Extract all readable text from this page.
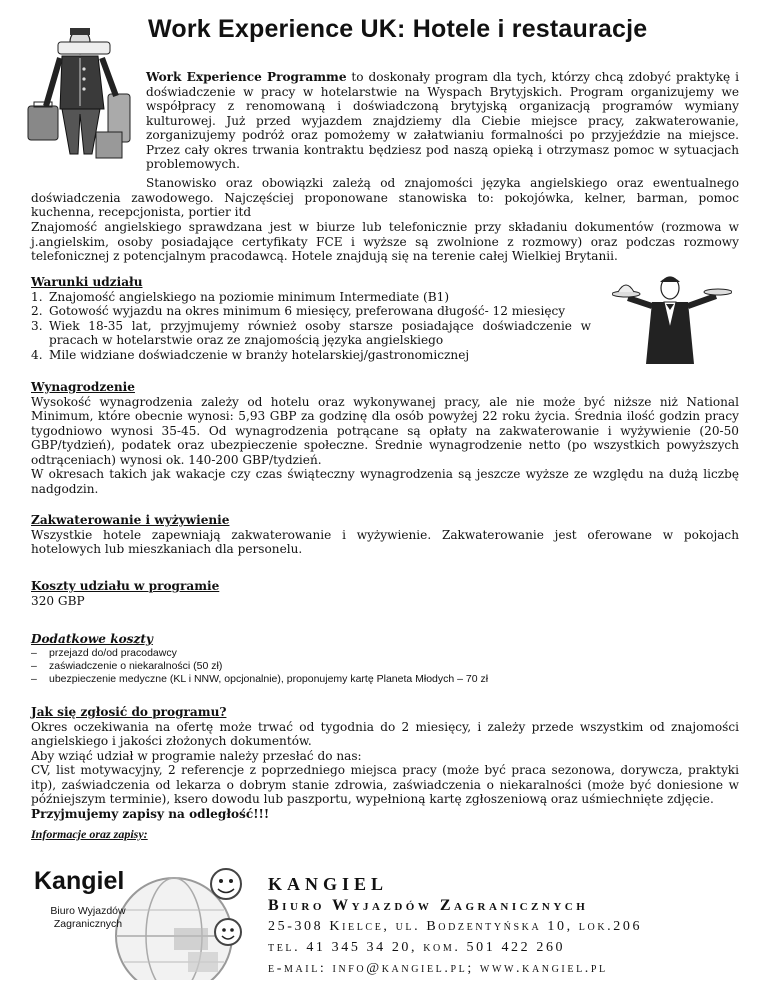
Work Experience UK: Hotele i restauracje
Work Experience Programme to doskonały program dla tych, którzy chcą zdobyć praktykę i doświadczenie w pracy w hotelarstwie na Wyspach Brytyjskich. Program organizujemy we współpracy z renomowaną i doświadczoną brytyjską organizacją programów wymiany kulturowej. Już przed wyjazdem znajdziemy dla Ciebie miejsce pracy, zakwaterowanie, zorganizujemy podróż oraz pomożemy w załatwianiu formalności po przyjeździe na miejsce. Przez cały okres trwania kontraktu będziesz pod naszą opieką i otrzymasz pomoc w sytuacjach problemowych.
Stanowisko oraz obowiązki zależą od znajomości języka angielskiego oraz ewentualnego doświadczenia zawodowego. Najczęściej proponowane stanowiska to: pokojówka, kelner, barman, pomoc kuchenna, recepcjonista, portier itd
Znajomość angielskiego sprawdzana jest w biurze lub telefonicznie przy składaniu dokumentów (rozmowa w j.angielskim, osoby posiadające certyfikaty FCE i wyższe są zwolnione z rozmowy) oraz podczas rozmowy telefonicznej z potencjalnym pracodawcą. Hotele znajdują się na terenie całej Wielkiej Brytanii.
Warunki udziału
1. Znajomość angielskiego na poziomie minimum Intermediate (B1)
2. Gotowość wyjazdu na okres minimum 6 miesięcy, preferowana długość- 12 miesięcy
3. Wiek 18-35 lat, przyjmujemy również osoby starsze posiadające doświadczenie w pracach w hotelarstwie oraz ze znajomością języka angielskiego
4. Mile widziane doświadczenie w branży hotelarskiej/gastronomicznej
Wynagrodzenie
Wysokość wynagrodzenia zależy od hotelu oraz wykonywanej pracy, ale nie może być niższe niż National Minimum, które obecnie wynosi: 5,93 GBP za godzinę dla osób powyżej 22 roku życia. Średnia ilość godzin pracy tygodniowo wynosi 35-45. Od wynagrodzenia potrącane są opłaty na zakwaterowanie i wyżywienie (20-50 GBP/tydzień), podatek oraz ubezpieczenie społeczne. Średnie wynagrodzenie netto (po wszystkich powyższych odtrąceniach) wynosi ok. 140-200 GBP/tydzień.
W okresach takich jak wakacje czy czas świąteczny wynagrodzenia są jeszcze wyższe ze względu na dużą liczbę nadgodzin.
Zakwaterowanie i wyżywienie
Wszystkie hotele zapewniają zakwaterowanie i wyżywienie. Zakwaterowanie jest oferowane w pokojach hotelowych lub mieszkaniach dla personelu.
Koszty udziału w programie
320 GBP
Dodatkowe koszty
– przejazd do/od pracodawcy
– zaświadczenie o niekaralności (50 zł)
– ubezpieczenie medyczne (KL i NNW, opcjonalnie), proponujemy kartę Planeta Młodych – 70 zł
Jak się zgłosić do programu?
Okres oczekiwania na ofertę może trwać od tygodnia do 2 miesięcy, i zależy przede wszystkim od znajomości angielskiego i jakości złożonych dokumentów.
Aby wziąć udział w programie należy przesłać do nas:
CV, list motywacyjny, 2 referencje z poprzedniego miejsca pracy (może być praca sezonowa, dorywcza, praktyki itp), zaświadczenia od lekarza o dobrym stanie zdrowia, zaświadczenia o niekaralności (może być doniesione w późniejszym terminie), ksero dowodu lub paszportu, wypełnioną kartę zgłoszeniową oraz uśmiechnięte zdjęcie.
Przyjmujemy zapisy na odległość!!!
Informacje oraz zapisy:
Kangiel
Biuro Wyjazdów
Zagranicznych
KANGIEL
Biuro Wyjazdów Zagranicznych
25-308 Kielce, ul. Bodzentyńska 10, lok.206
tel. 41 345 34 20, kom. 501 422 260
e-mail: info@kangiel.pl; www.kangiel.pl
